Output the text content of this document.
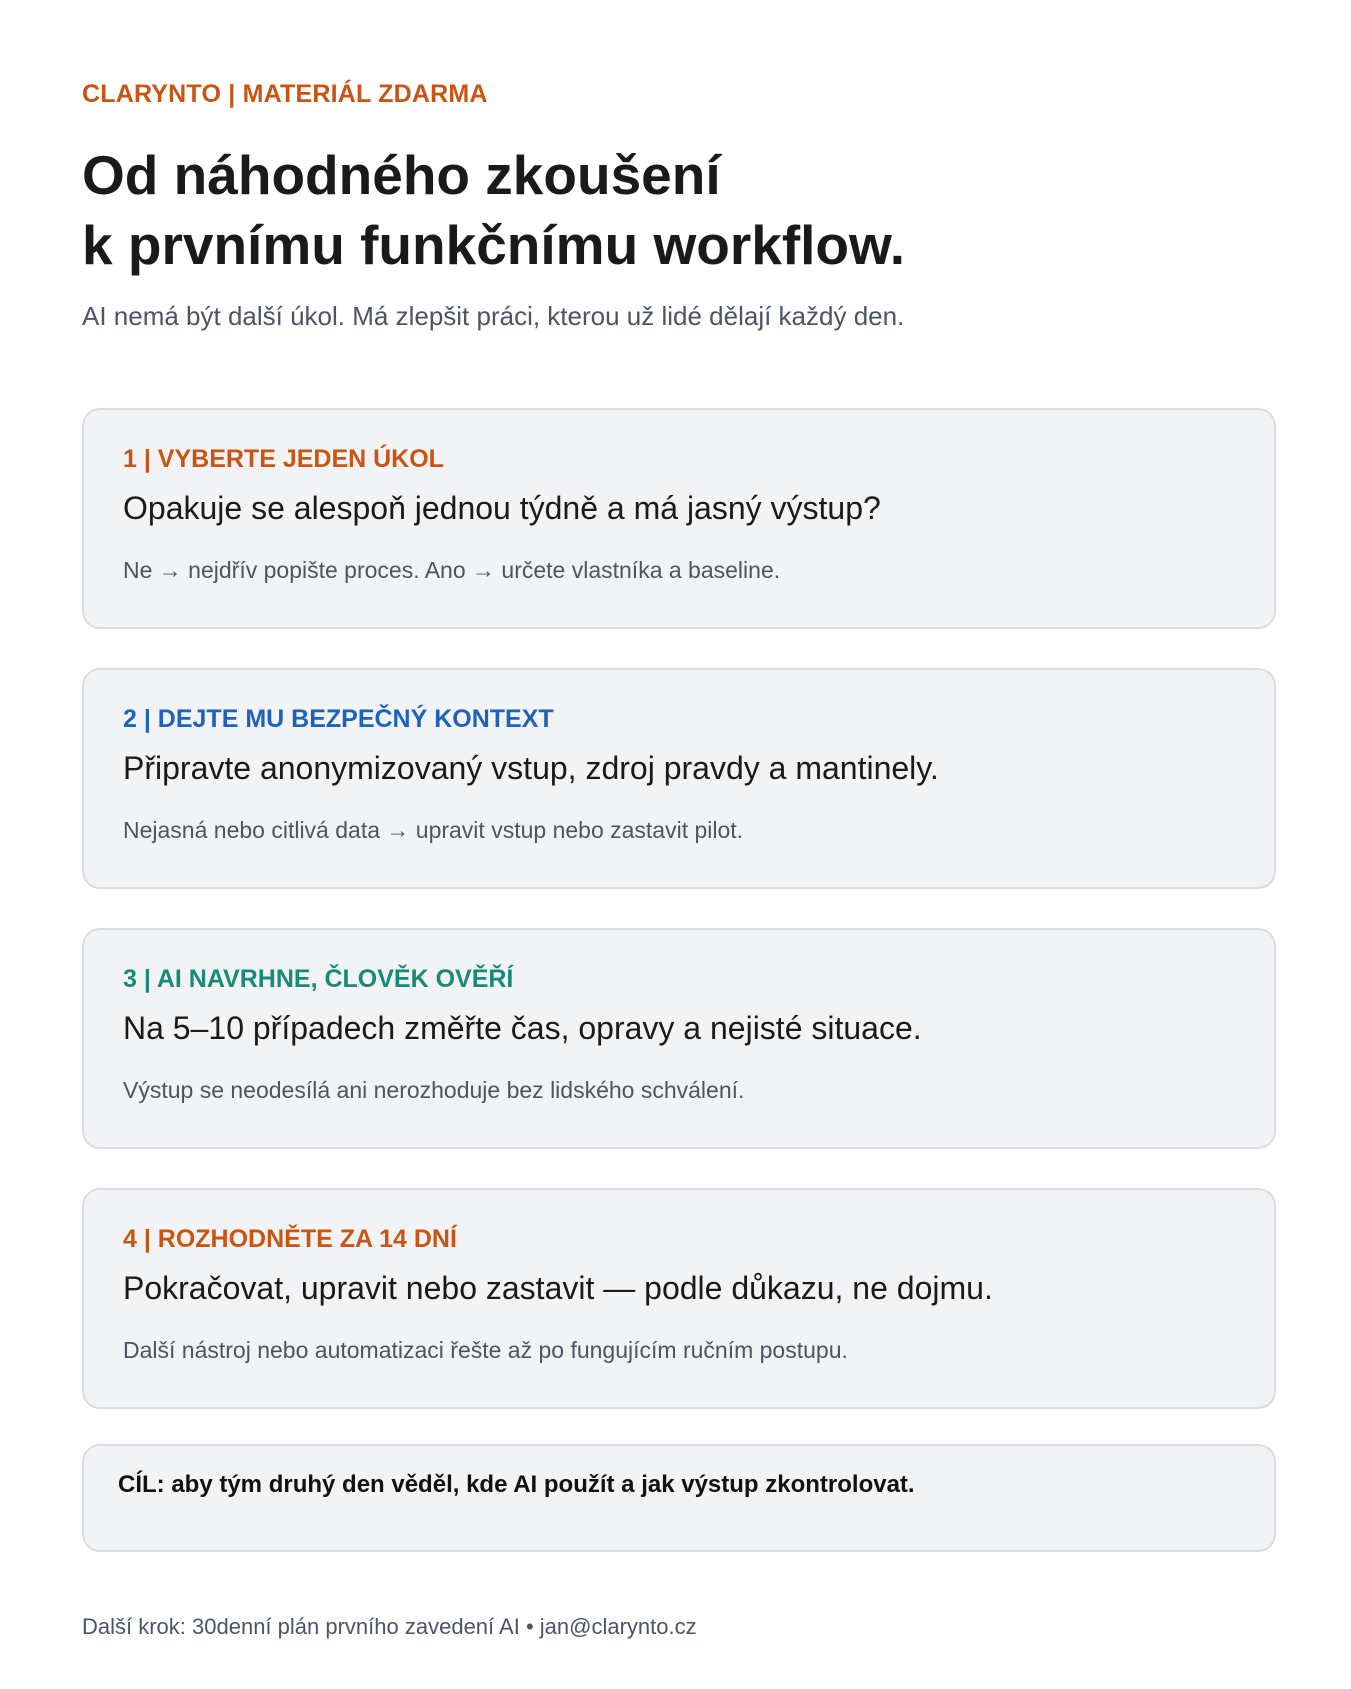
CLARYNTO | MATERIÁL ZDARMA
Od náhodného zkoušení
k prvnímu funkčnímu workflow.
AI nemá být další úkol. Má zlepšit práci, kterou už lidé dělají každý den.
1 | VYBERTE JEDEN ÚKOL
Opakuje se alespoň jednou týdně a má jasný výstup?
Ne → nejdřív popište proces. Ano → určete vlastníka a baseline.
2 | DEJTE MU BEZPEČNÝ KONTEXT
Připravte anonymizovaný vstup, zdroj pravdy a mantinely.
Nejasná nebo citlivá data → upravit vstup nebo zastavit pilot.
3 | AI NAVRHNE, ČLOVĚK OVĚŘÍ
Na 5–10 případech změřte čas, opravy a nejisté situace.
Výstup se neodesílá ani nerozhoduje bez lidského schválení.
4 | ROZHODNĚTE ZA 14 DNÍ
Pokračovat, upravit nebo zastavit — podle důkazu, ne dojmu.
Další nástroj nebo automatizaci řešte až po fungujícím ručním postupu.
CÍL: aby tým druhý den věděl, kde AI použít a jak výstup zkontrolovat.
Další krok: 30denní plán prvního zavedení AI • jan@clarynto.cz
